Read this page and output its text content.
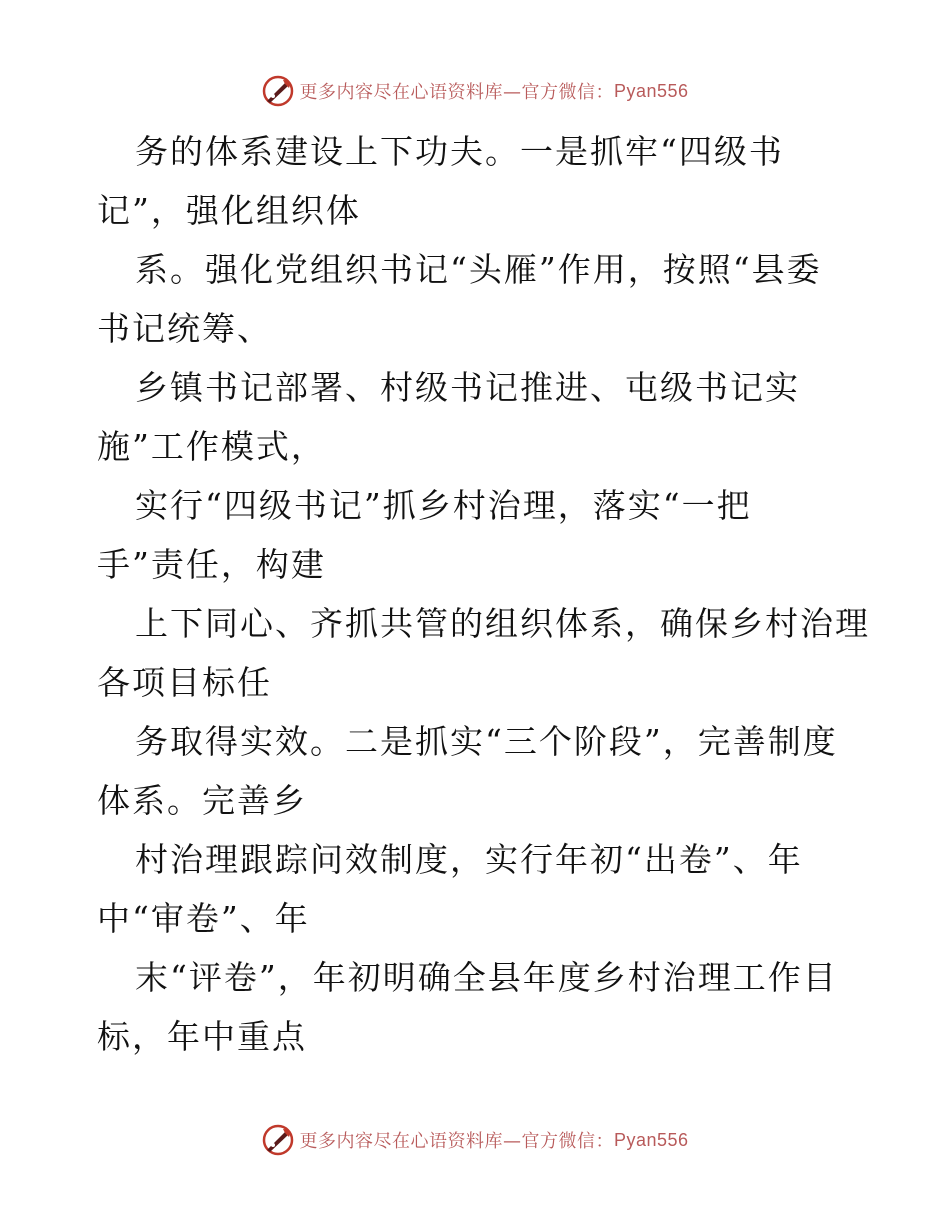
更多内容尽在心语资料库—官方微信： Pyan556
务的体系建设上下功夫。一是抓牢“四级书
记”，强化组织体
系。强化党组织书记“头雁”作用，按照“县委
书记统筹、
乡镇书记部署、村级书记推进、屯级书记实
施”工作模式，
实行“四级书记”抓乡村治理，落实“一把
手”责任，构建
上下同心、齐抓共管的组织体系，确保乡村治理
各项目标任
务取得实效。二是抓实“三个阶段”，完善制度
体系。完善乡
村治理跟踪问效制度，实行年初“出卷”、年
中“审卷”、年
末“评卷”，年初明确全县年度乡村治理工作目
标，年中重点
更多内容尽在心语资料库—官方微信： Pyan556
